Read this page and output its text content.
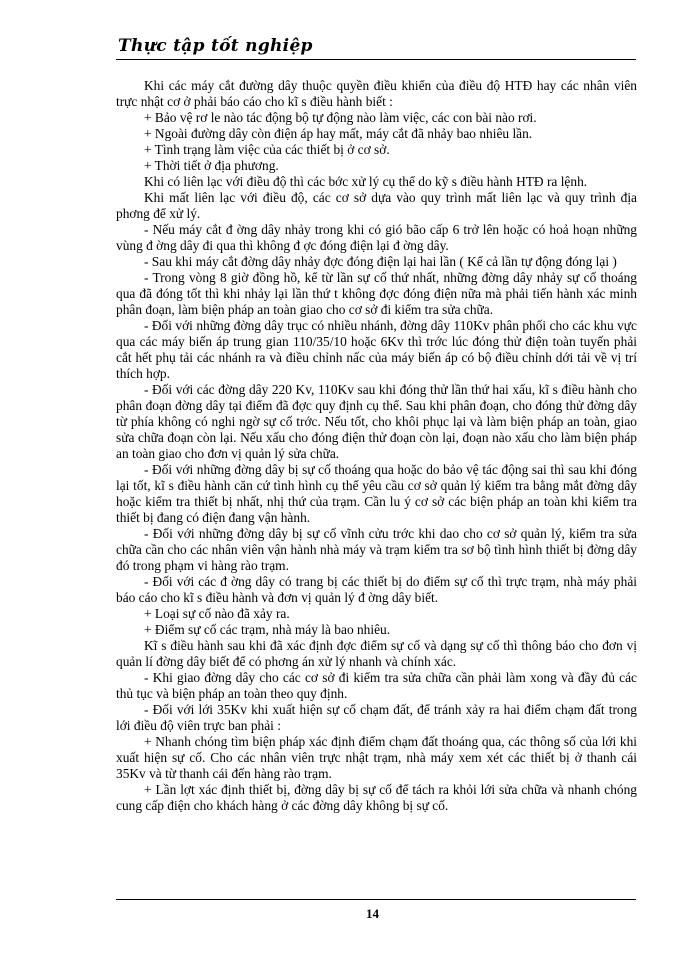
Thực tập tốt nghiệp

Khi các máy cắt đường dây thuộc quyền điều khiển của điều độ HTĐ hay các nhân viên trực nhật cơ ở phải báo cáo cho kĩ s điều hành biết :

+ Bảo vệ rơ le nào tác động bộ tự động nào làm việc, các con bài nào rơi.

+ Ngoài đường dây còn điện áp hay mất, máy cắt đã nhảy bao nhiêu lần.

+ Tình trạng làm việc của các thiết bị ở cơ sở.

+ Thời tiết ở địa phương.

Khi có liên lạc với điều độ thì các bớc xử lý cụ thể do kỹ s điều hành HTĐ ra lệnh.

Khi mất liên lạc với điều độ, các cơ sở dựa vào quy trình mất liên lạc và quy trình địa phơng để xử lý.

- Nếu máy cắt đ ờng dây nhảy trong khi có gió bão cấp 6 trở lên hoặc có hoả hoạn những vùng đ ờng dây đi qua thì không đ ợc đóng điện lại đ ờng dây.

- Sau khi máy cắt đờng dây nhảy đợc đóng điện lại hai lần ( Kể cả lần tự động đóng lại )

- Trong vòng 8 giờ đồng hồ, kể từ lần sự cố thứ nhất, những đờng dây nhảy sự cố thoáng qua đã đóng tốt thì khi nhảy lại lần thứ t không đợc đóng điện nữa mà phải tiến hành xác minh phân đoạn, làm biện pháp an toàn giao cho cơ sở đi kiểm tra sửa chữa.

- Đối với những đờng dây trục có nhiều nhánh, đờng dây 110Kv phân phối cho các khu vực qua các máy biến áp trung gian 110/35/10 hoặc 6Kv thì trớc lúc đóng thử điện toàn tuyến phải cắt hết phụ tải các nhánh ra và điều chỉnh nấc của máy biến áp có bộ điều chỉnh dới tải về vị trí thích hợp.

- Đối với các đờng dây 220 Kv, 110Kv sau khi đóng thử lần thứ hai xấu, kĩ s điều hành cho phân đoạn đờng dây tại điểm đã đợc quy định cụ thể. Sau khi phân đoạn, cho đóng thử đờng dây từ phía không có nghi ngờ sự cố trớc. Nếu tốt, cho khôi phục lại và làm biện pháp an toàn, giao sửa chữa đoạn còn lại. Nếu xấu cho đóng điện thử đoạn còn lại, đoạn nào xấu cho làm biện pháp an toàn giao cho đơn vị quản lý sửa chữa.

- Đối với những đờng dây bị sự cố thoáng qua hoặc do bảo vệ tác động sai thì sau khi đóng lại tốt, kĩ s điều hành căn cứ tình hình cụ thể yêu cầu cơ sở quản lý kiểm tra bằng mắt đờng dây hoặc kiểm tra thiết bị nhất, nhị thứ của trạm. Cần lu ý cơ sở các biện pháp an toàn khi kiểm tra thiết bị đang có điện đang vận hành.

- Đối với những đờng dây bị sự cố vĩnh cửu trớc khi dao cho cơ sở quản lý, kiểm tra sửa chữa cần cho các nhân viên vận hành nhà máy và trạm kiểm tra sơ bộ tình hình thiết bị đờng dây đó trong phạm vi hàng rào trạm.

- Đối với các đ ờng dây có trang bị các thiết bị do điểm sự cố thì trực trạm, nhà máy phải báo cáo cho kĩ s điều hành và đơn vị quản lý đ ờng dây biết.

+ Loại sự cố nào đã xảy ra.

+ Điểm sự cố các trạm, nhà máy là bao nhiêu.

Kĩ s điều hành sau khi đã xác định đợc điểm sự cố và dạng sự cố thì thông báo cho đơn vị quản lí đờng dây biết để có phơng án xử lý nhanh và chính xác.

- Khi giao đờng dây cho các cơ sở đi kiểm tra sửa chữa cần phải làm xong và đầy đủ các thủ tục và biện pháp an toàn theo quy định.

- Đối với lới 35Kv khi xuất hiện sự cố chạm đất, để tránh xảy ra hai điểm chạm đất trong lới điều độ viên trực ban phải :

+ Nhanh chóng tìm biện pháp xác định điểm chạm đất thoáng qua, các thông số của lới khi xuất hiện sự cố. Cho các nhân viên trực nhật trạm, nhà máy xem xét các thiết bị ở thanh cái 35Kv và từ thanh cái đến hàng rào trạm.

+ Lần lợt xác định thiết bị, đờng dây bị sự cố để tách ra khỏi lới sửa chữa và nhanh chóng cung cấp điện cho khách hàng ở các đờng dây không bị sự cố.

14
